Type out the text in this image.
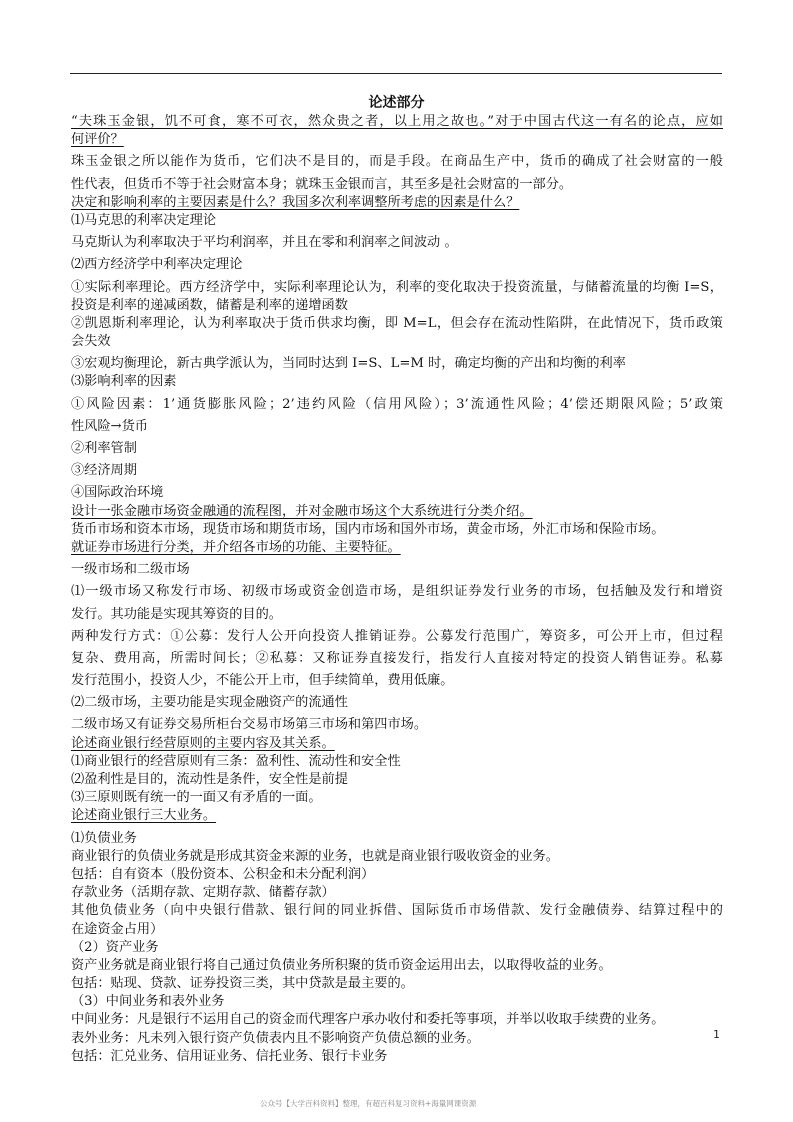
论述部分
“夫珠玉金银，饥不可食，寒不可衣，然众贵之者，以上用之故也。”对于中国古代这一有名的论点，应如
何评价？
珠玉金银之所以能作为货币，它们决不是目的，而是手段。在商品生产中，货币的确成了社会财富的一般
性代表，但货币不等于社会财富本身；就珠玉金银而言，其至多是社会财富的一部分。
决定和影响利率的主要因素是什么？我国多次利率调整所考虑的因素是什么？
⑴马克思的利率决定理论
马克斯认为利率取决于平均利润率，并且在零和利润率之间波动 。
⑵西方经济学中利率决定理论
①实际利率理论。西方经济学中，实际利率理论认为，利率的变化取决于投资流量，与储蓄流量的均衡 I=S，
投资是利率的递减函数，储蓄是利率的递增函数
②凯恩斯利率理论，认为利率取决于货币供求均衡，即 M=L，但会存在流动性陷阱，在此情况下，货币政策
会失效
③宏观均衡理论，新古典学派认为，当同时达到 I=S、L=M 时，确定均衡的产出和均衡的利率
⑶影响利率的因素
①风险因素：1’通货膨胀风险；2’违约风险（信用风险）；3’流通性风险；4’偿还期限风险；5’政策
性风险→货币
②利率管制
③经济周期
④国际政治环境
设计一张金融市场资金融通的流程图，并对金融市场这个大系统进行分类介绍。
货币市场和资本市场，现货市场和期货市场，国内市场和国外市场，黄金市场，外汇市场和保险市场。
就证券市场进行分类，并介绍各市场的功能、主要特征。
一级市场和二级市场
⑴一级市场又称发行市场、初级市场或资金创造市场，是组织证券发行业务的市场，包括触及发行和增资
发行。其功能是实现其筹资的目的。
两种发行方式：①公募：发行人公开向投资人推销证券。公募发行范围广，筹资多，可公开上市，但过程
复杂、费用高，所需时间长；②私募：又称证券直接发行，指发行人直接对特定的投资人销售证券。私募
发行范围小，投资人少，不能公开上市，但手续简单，费用低廉。
⑵二级市场，主要功能是实现金融资产的流通性
二级市场又有证券交易所柜台交易市场第三市场和第四市场。
论述商业银行经营原则的主要内容及其关系。
⑴商业银行的经营原则有三条：盈利性、流动性和安全性
⑵盈利性是目的，流动性是条件，安全性是前提
⑶三原则既有统一的一面又有矛盾的一面。
论述商业银行三大业务。
⑴负债业务
商业银行的负债业务就是形成其资金来源的业务，也就是商业银行吸收资金的业务。
包括：自有资本（股份资本、公积金和未分配利润）
存款业务（活期存款、定期存款、储蓄存款）
其他负债业务（向中央银行借款、银行间的同业拆借、国际货币市场借款、发行金融债券、结算过程中的
在途资金占用）
（2）资产业务
资产业务就是商业银行将自己通过负债业务所积聚的货币资金运用出去，以取得收益的业务。
包括：贴现、贷款、证券投资三类，其中贷款是最主要的。
（3）中间业务和表外业务
中间业务：凡是银行不运用自己的资金而代理客户承办收付和委托等事项，并举以收取手续费的业务。
表外业务：凡未列入银行资产负债表内且不影响资产负债总额的业务。
包括：汇兑业务、信用证业务、信托业务、银行卡业务
1
公众号【大学百科资料】整理，有超百科复习资料+海量网课资源
